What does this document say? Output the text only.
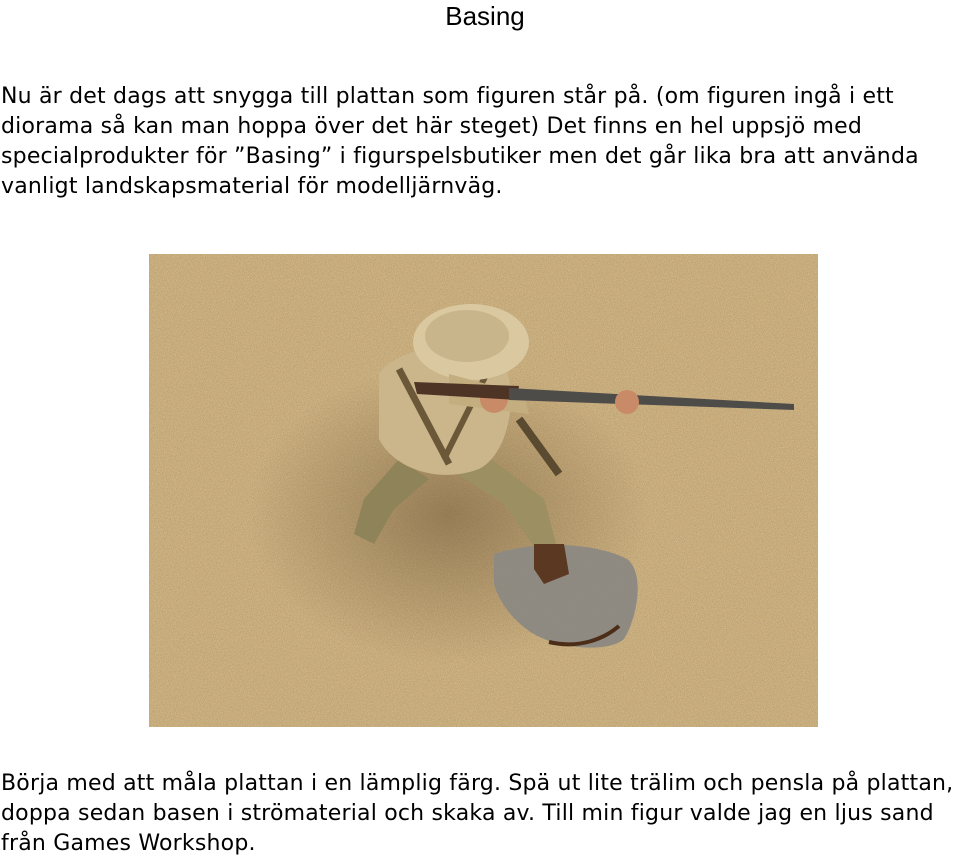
Basing

Nu är det dags att snygga till plattan som figuren står på. (om figuren ingå i ett diorama så kan man hoppa över det här steget) Det finns en hel uppsjö med specialprodukter för ”Basing” i figurspelsbutiker men det går lika bra att använda vanligt landskapsmaterial för modelljärnväg.

Börja med att måla plattan i en lämplig färg. Spä ut lite trälim och pensla på plattan, doppa sedan basen i strömaterial och skaka av. Till min figur valde jag en ljus sand från Games Workshop.
